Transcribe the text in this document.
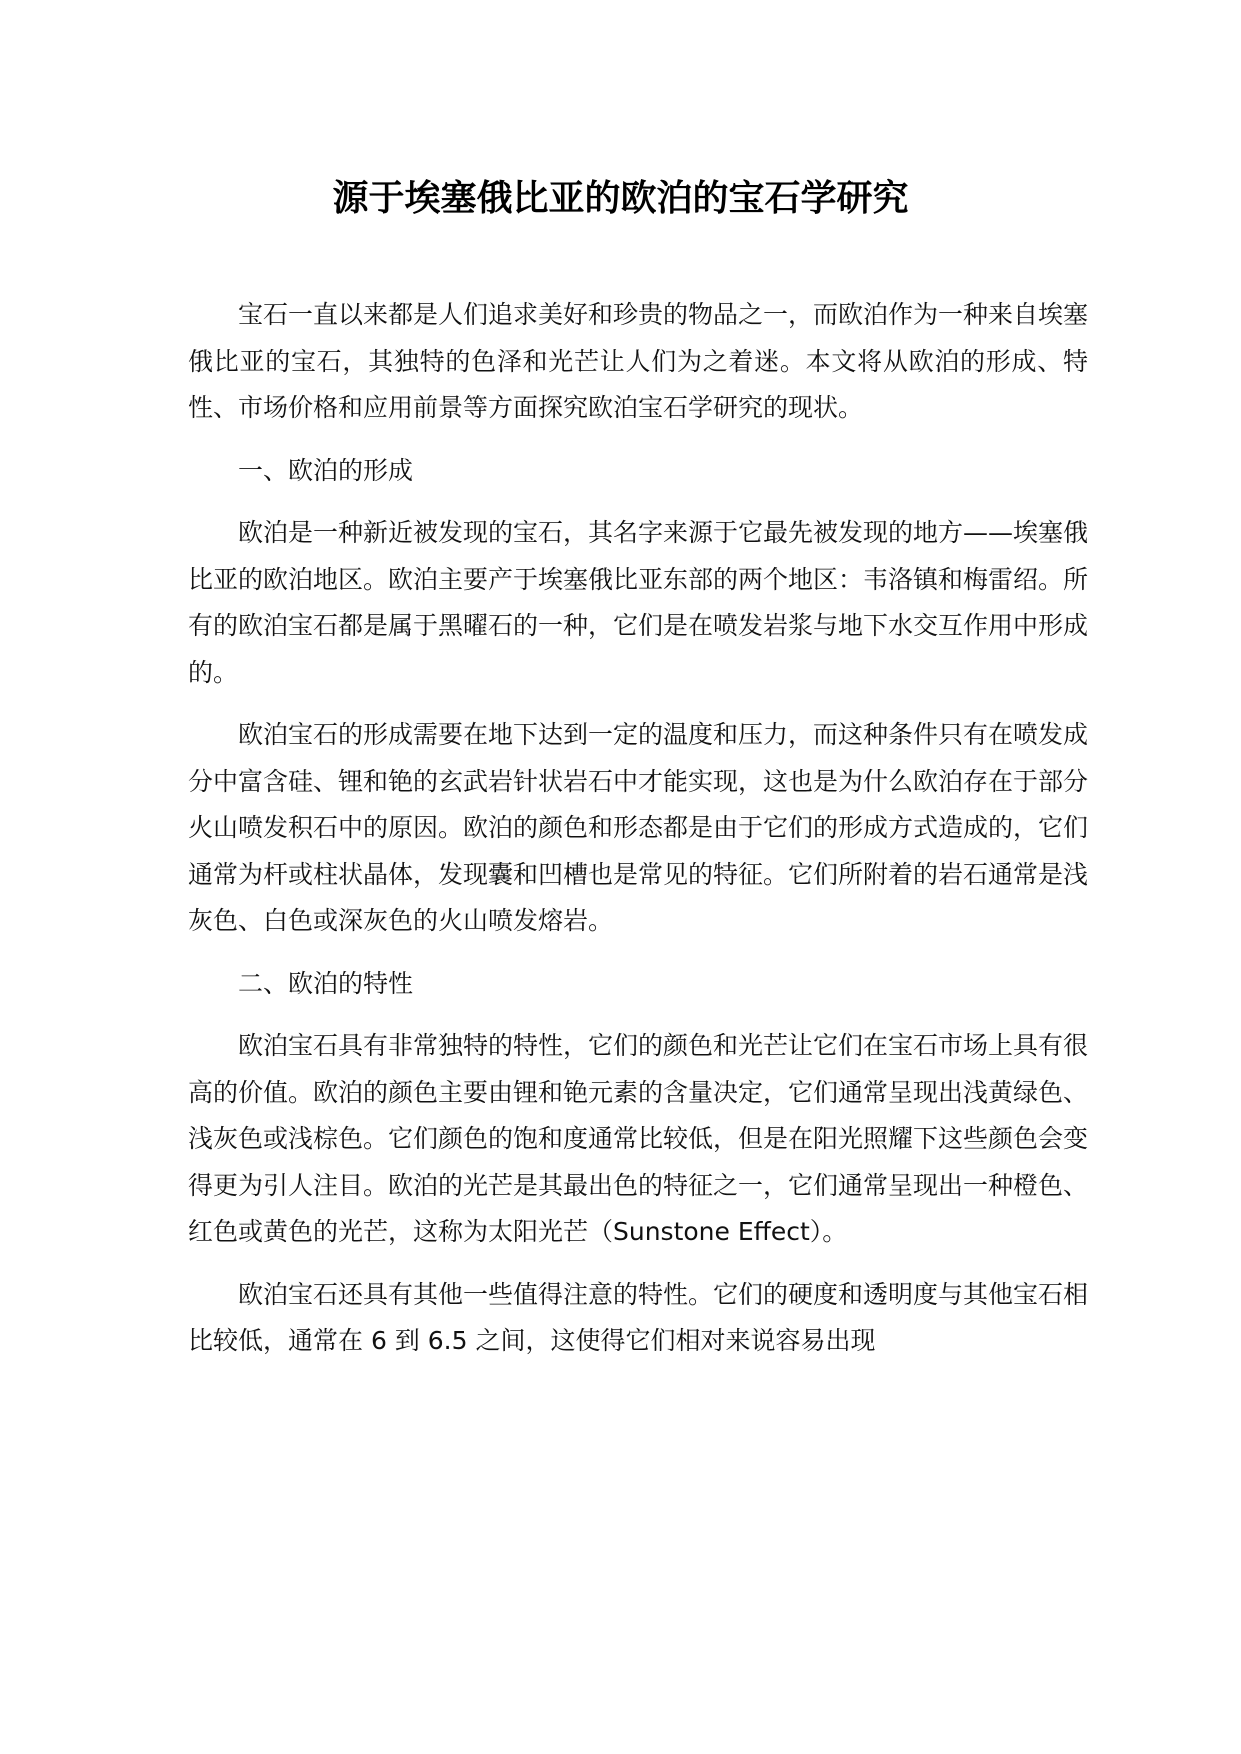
源于埃塞俄比亚的欧泊的宝石学研究

宝石一直以来都是人们追求美好和珍贵的物品之一，而欧泊作为一种来自埃塞俄比亚的宝石，其独特的色泽和光芒让人们为之着迷。本文将从欧泊的形成、特性、市场价格和应用前景等方面探究欧泊宝石学研究的现状。

一、欧泊的形成

欧泊是一种新近被发现的宝石，其名字来源于它最先被发现的地方——埃塞俄比亚的欧泊地区。欧泊主要产于埃塞俄比亚东部的两个地区：韦洛镇和梅雷绍。所有的欧泊宝石都是属于黑曜石的一种，它们是在喷发岩浆与地下水交互作用中形成的。

欧泊宝石的形成需要在地下达到一定的温度和压力，而这种条件只有在喷发成分中富含硅、锂和铯的玄武岩针状岩石中才能实现，这也是为什么欧泊存在于部分火山喷发积石中的原因。欧泊的颜色和形态都是由于它们的形成方式造成的，它们通常为杆或柱状晶体，发现囊和凹槽也是常见的特征。它们所附着的岩石通常是浅灰色、白色或深灰色的火山喷发熔岩。

二、欧泊的特性

欧泊宝石具有非常独特的特性，它们的颜色和光芒让它们在宝石市场上具有很高的价值。欧泊的颜色主要由锂和铯元素的含量决定，它们通常呈现出浅黄绿色、浅灰色或浅棕色。它们颜色的饱和度通常比较低，但是在阳光照耀下这些颜色会变得更为引人注目。欧泊的光芒是其最出色的特征之一，它们通常呈现出一种橙色、红色或黄色的光芒，这称为太阳光芒（Sunstone Effect）。

欧泊宝石还具有其他一些值得注意的特性。它们的硬度和透明度与其他宝石相比较低，通常在 6 到 6.5 之间，这使得它们相对来说容易出现
